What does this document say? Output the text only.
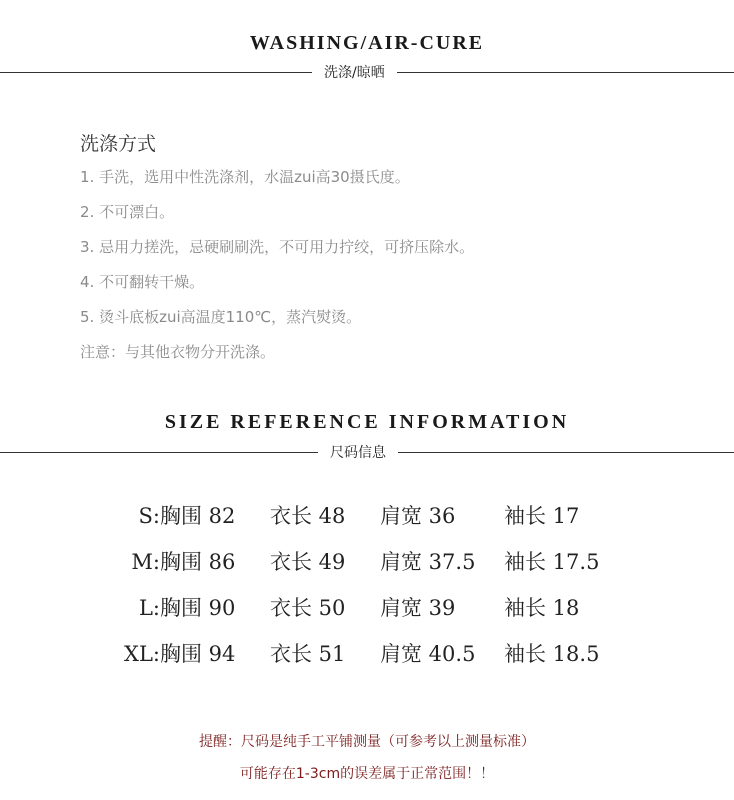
WASHING/AIR-CURE
洗涤/晾晒
洗涤方式
1. 手洗，选用中性洗涤剂，水温zui高30摄氏度。
2. 不可漂白。
3. 忌用力搓洗，忌硬刷刷洗，不可用力拧绞，可挤压除水。
4. 不可翻转干燥。
5. 烫斗底板zui高温度110℃，蒸汽熨烫。
注意：与其他衣物分开洗涤。
SIZE REFERENCE INFORMATION
尺码信息
S: 胸围 82 衣长 48 肩宽 36 袖长 17
M: 胸围 86 衣长 49 肩宽 37.5 袖长 17.5
L: 胸围 90 衣长 50 肩宽 39 袖长 18
XL: 胸围 94 衣长 51 肩宽 40.5 袖长 18.5
提醒：尺码是纯手工平铺测量（可参考以上测量标准）
可能存在1-3cm的误差属于正常范围！！
